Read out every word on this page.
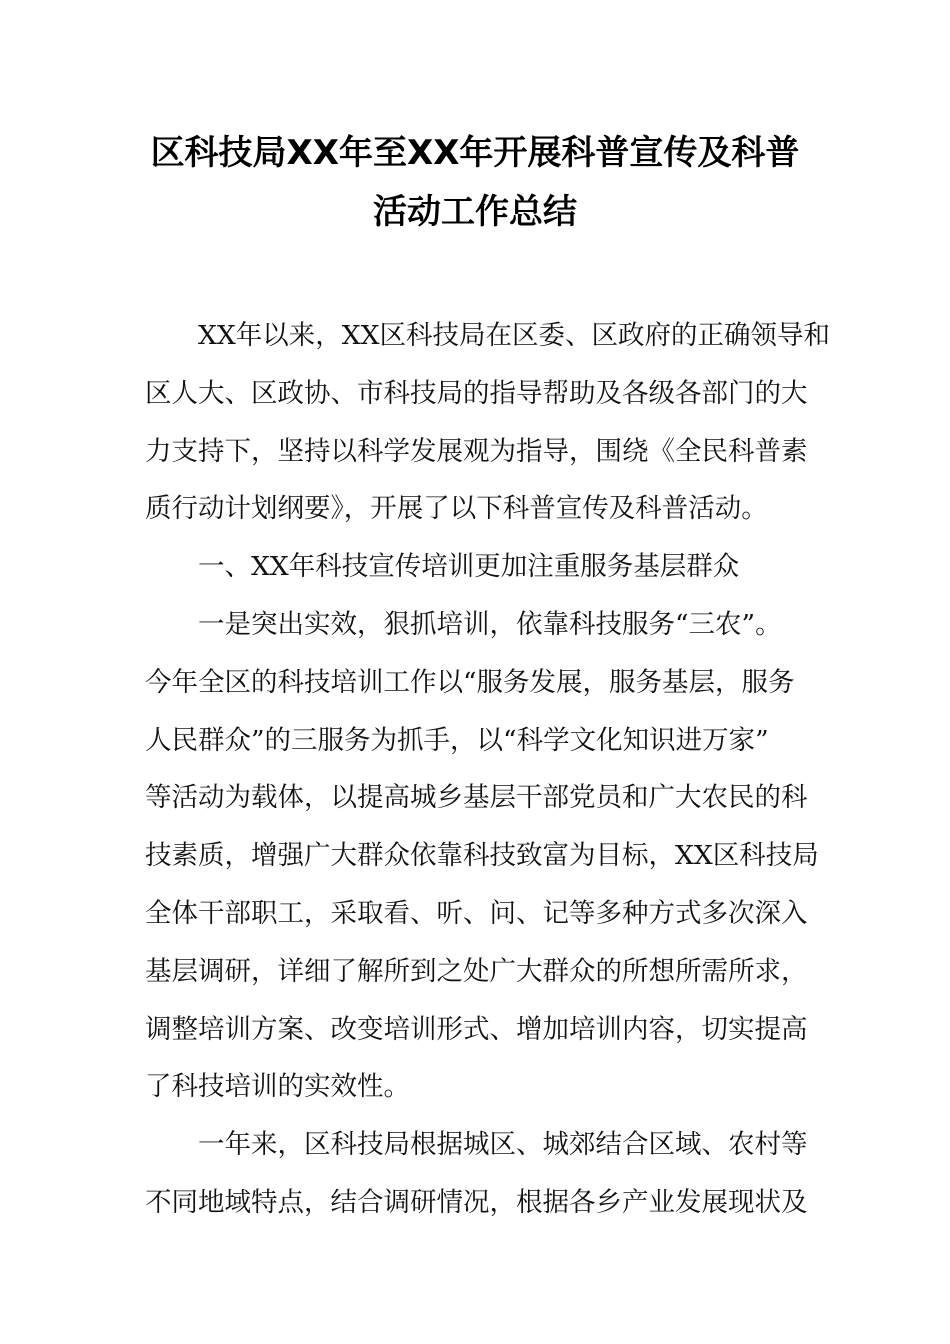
区科技局XX年至XX年开展科普宣传及科普
活动工作总结
XX年以来，XX区科技局在区委、区政府的正确领导和
区人大、区政协、市科技局的指导帮助及各级各部门的大
力支持下，坚持以科学发展观为指导，围绕《全民科普素
质行动计划纲要》，开展了以下科普宣传及科普活动。
一、XX年科技宣传培训更加注重服务基层群众
一是突出实效，狠抓培训，依靠科技服务“三农”。
今年全区的科技培训工作以“服务发展，服务基层，服务
人民群众”的三服务为抓手，以“科学文化知识进万家”
等活动为载体，以提高城乡基层干部党员和广大农民的科
技素质，增强广大群众依靠科技致富为目标，XX区科技局
全体干部职工，采取看、听、问、记等多种方式多次深入
基层调研，详细了解所到之处广大群众的所想所需所求，
调整培训方案、改变培训形式、增加培训内容，切实提高
了科技培训的实效性。
一年来，区科技局根据城区、城郊结合区域、农村等
不同地域特点，结合调研情况，根据各乡产业发展现状及
